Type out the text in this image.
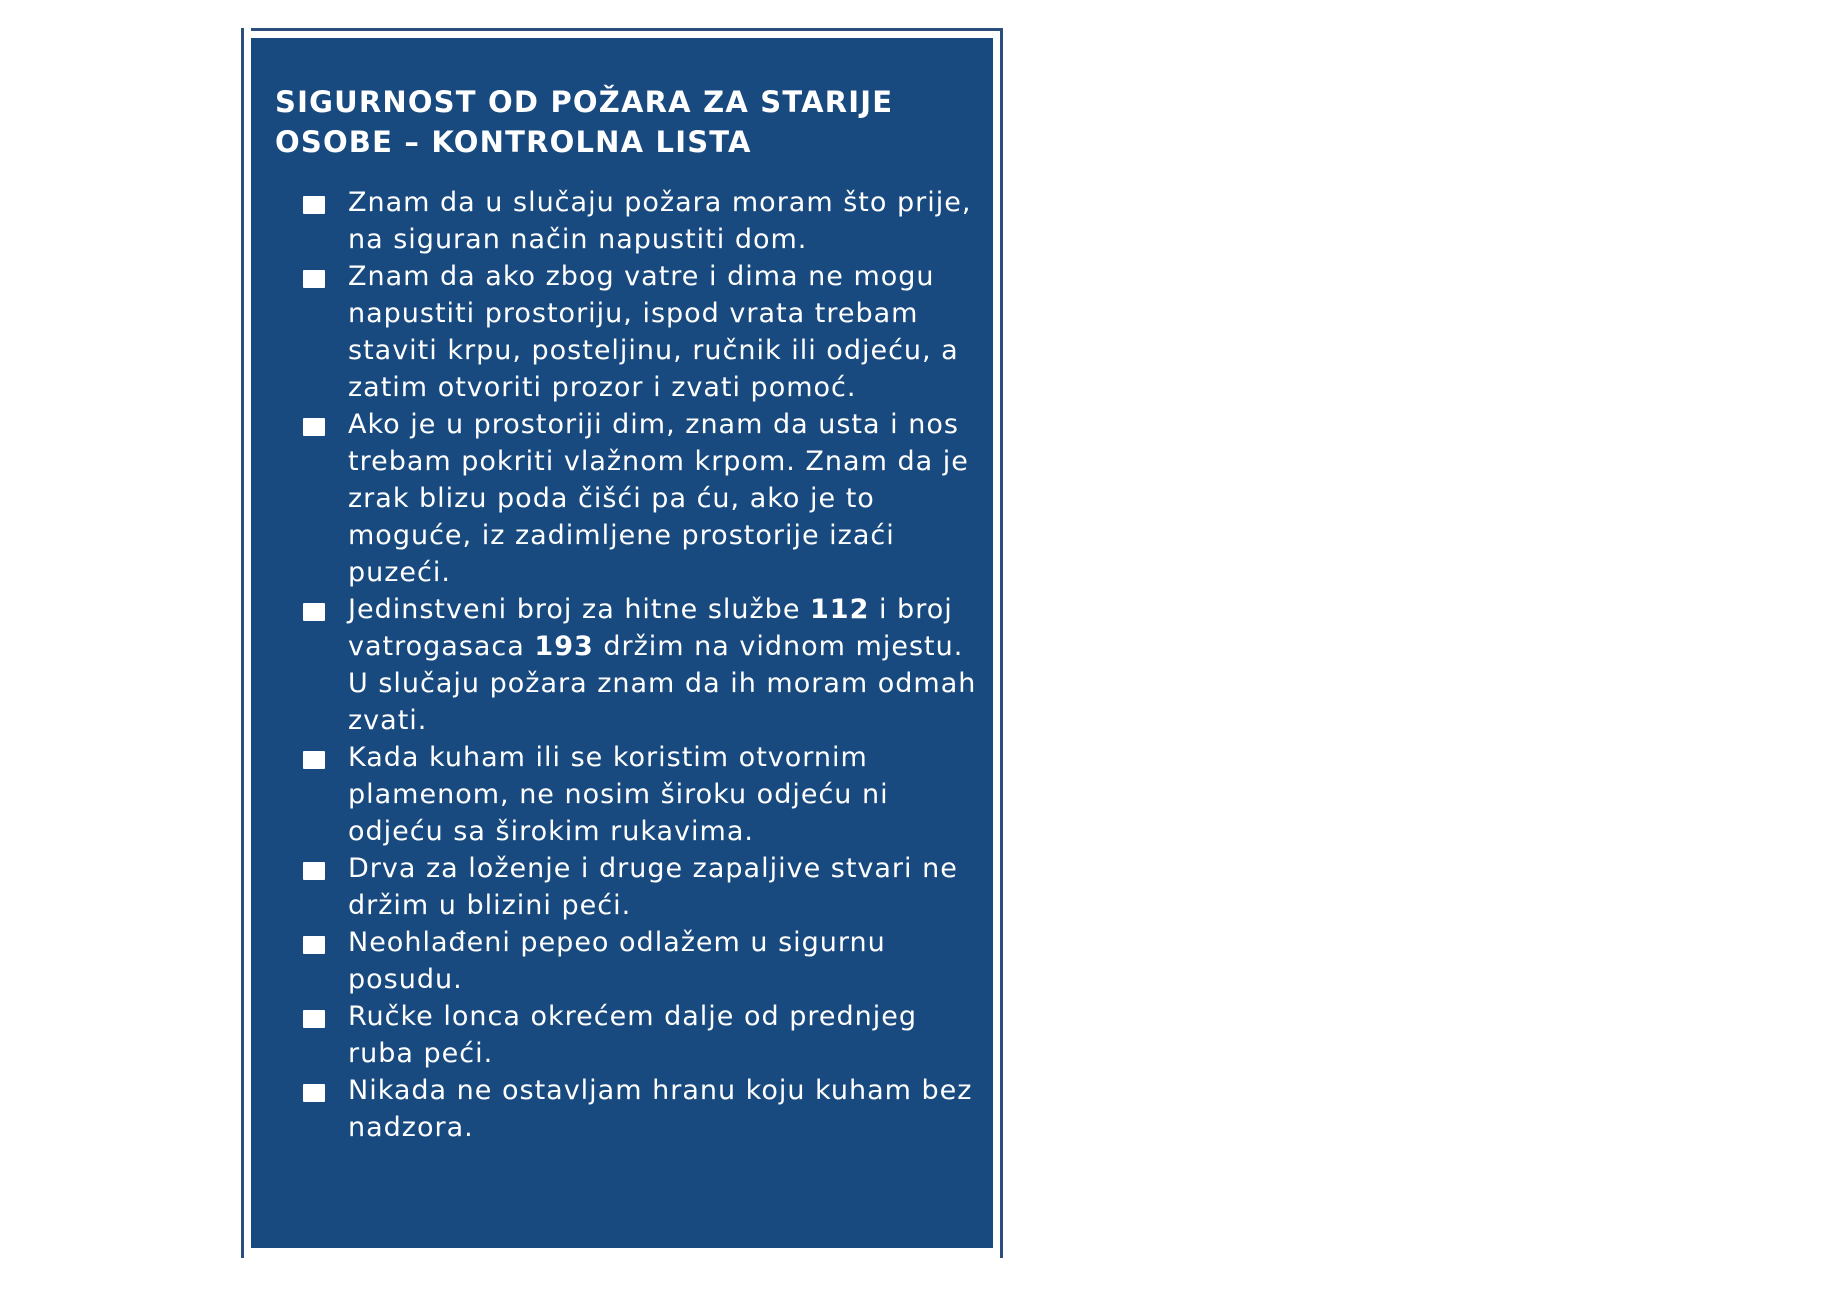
SIGURNOST OD POŽARA ZA STARIJE OSOBE – KONTROLNA LISTA
Znam da u slučaju požara moram što prije, na siguran način napustiti dom.
Znam da ako zbog vatre i dima ne mogu napustiti prostoriju, ispod vrata trebam staviti krpu, posteljinu, ručnik ili odjeću, a zatim otvoriti prozor i zvati pomoć.
Ako je u prostoriji dim, znam da usta i nos trebam pokriti vlažnom krpom. Znam da je zrak blizu poda čišći pa ću, ako je to moguće, iz zadimljene prostorije izaći puzeći.
Jedinstveni broj za hitne službe 112 i broj vatrogasaca 193 držim na vidnom mjestu. U slučaju požara znam da ih moram odmah zvati.
Kada kuham ili se koristim otvornim plamenom, ne nosim široku odjeću ni odjeću sa širokim rukavima.
Drva za loženje i druge zapaljive stvari ne držim u blizini peći.
Neohlađeni pepeo odlažem u sigurnu posudu.
Ručke lonca okrećem dalje od prednjeg ruba peći.
Nikada ne ostavljam hranu koju kuham bez nadzora.
